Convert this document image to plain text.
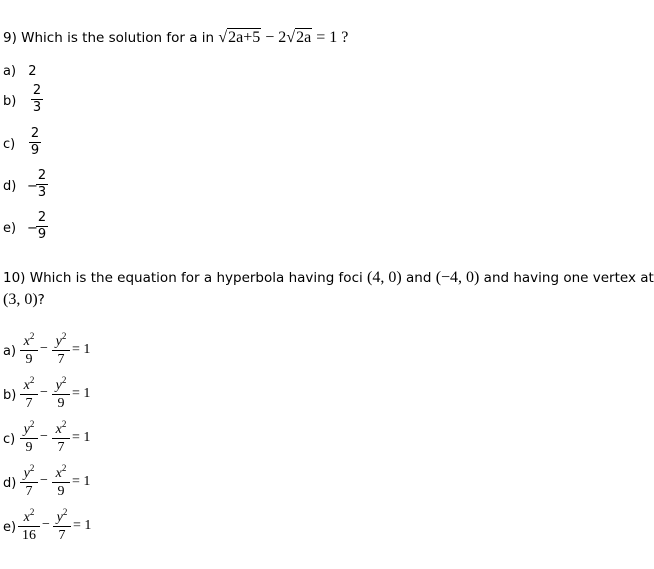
9) Which is the solution for a in √2a+5 − 2√2a = 1 ?
a) 2
b)
2
3
c)
2
9
d) −
2
3
e) −
2
9
10) Which is the equation for a hyperbola having foci (4, 0) and (−4, 0) and having one vertex at
(3, 0)?
a)
$x^2$
9
− $y^2$
7
= 1
b)
$x^2$
7
− $y^2$
9
= 1
c)
$y^2$
9
− $x^2$
7
= 1
d)
$y^2$
7
− $x^2$
9
= 1
e)
$x^2$
16
− $y^2$
7
= 1
